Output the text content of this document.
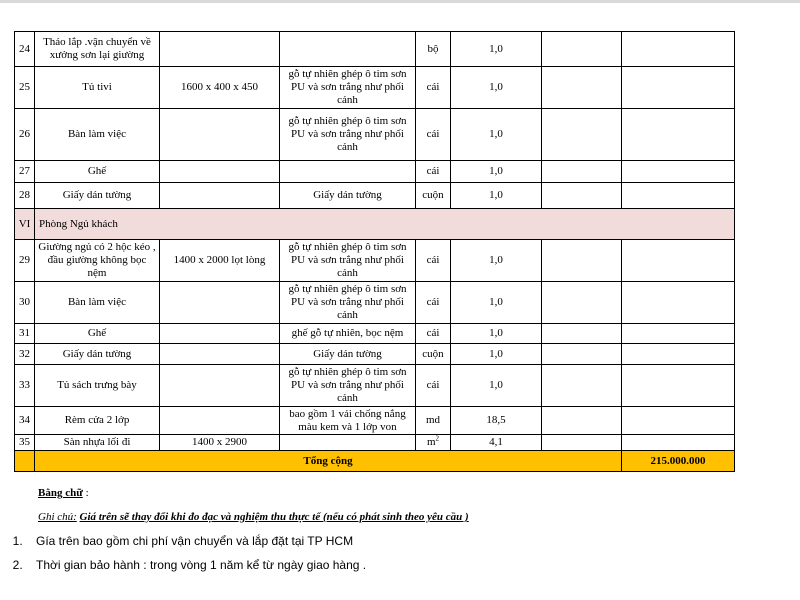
24	Tháo lắp .vận chuyển về xưởng sơn lại giường			bộ	1,0		
25	Tủ tivi	1600 x 400 x 450	gỗ tự nhiên ghép ô tim sơn PU và sơn trắng như phối cảnh	cái	1,0		
26	Bàn làm việc		gỗ tự nhiên ghép ô tim sơn PU và sơn trắng như phối cảnh	cái	1,0		
27	Ghế			cái	1,0		
28	Giấy dán tường		Giấy dán tường	cuộn	1,0		
VI	Phòng Ngủ khách						
29	Giường ngủ có 2 hộc kéo , đầu giường không bọc nệm	1400 x 2000 lọt lòng	gỗ tự nhiên ghép ô tim sơn PU và sơn trắng như phối cảnh	cái	1,0		
30	Bàn làm việc		gỗ tự nhiên ghép ô tim sơn PU và sơn trắng như phối cảnh	cái	1,0		
31	Ghế		ghế gỗ tự nhiên, bọc nệm	cái	1,0		
32	Giấy dán tường		Giấy dán tường	cuộn	1,0		
33	Tủ sách trưng bày		gỗ tự nhiên ghép ô tim sơn PU và sơn trắng như phối cảnh	cái	1,0		
34	Rèm cửa 2 lớp		bao gồm 1 vải chống nắng màu kem và 1 lớp von	md	18,5		
35	Sàn nhựa lối đi	1400 x 2900		$m^2$	4,1		
	Tổng cộng						215.000.000
Bằng chữ :
Ghi chú: Giá trên sẽ thay đổi khi đo đạc và nghiệm thu thực tế (nếu có phát sinh theo yêu cầu )
1. Gía trên bao gồm chi phí vận chuyển và lắp đặt tại TP HCM
2. Thời gian bảo hành : trong vòng 1 năm kể từ ngày giao hàng .
